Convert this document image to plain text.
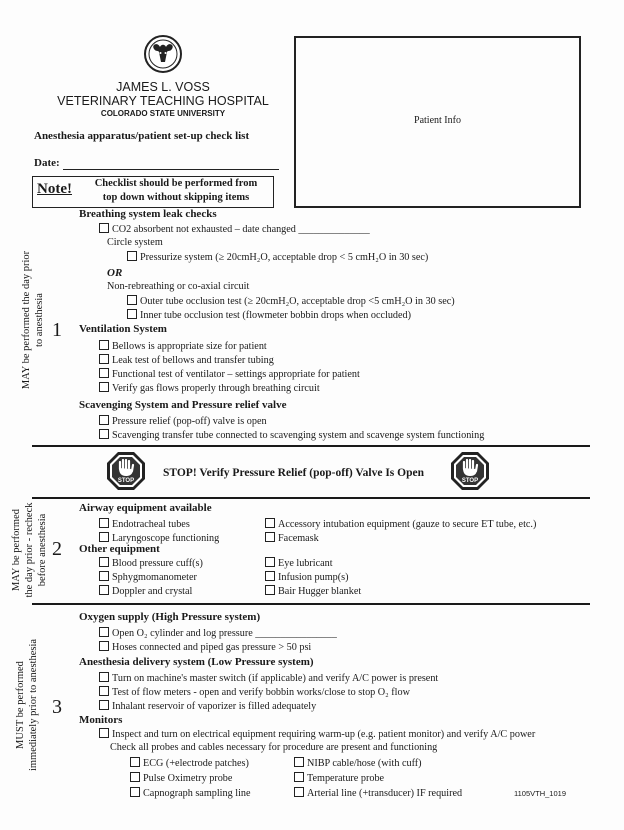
JAMES L. VOSS
VETERINARY TEACHING HOSPITAL
COLORADO STATE UNIVERSITY
Anesthesia apparatus/patient set-up check list
Date:
Note!	Checklist should be performed from
top down without skipping items
Patient Info
MAY be performed the day prior to anesthesia 1
Breathing system leak checks
CO2 absorbent not exhausted – date changed ______________
Circle system
Pressurize system (≥ 20cmH₂O, acceptable drop < 5 cmH₂O in 30 sec)
OR
Non-rebreathing or co-axial circuit
Outer tube occlusion test (≥ 20cmH₂O, acceptable drop <5 cmH₂O in 30 sec)
Inner tube occlusion test (flowmeter bobbin drops when occluded)
Ventilation System
Bellows is appropriate size for patient
Leak test of bellows and transfer tubing
Functional test of ventilator – settings appropriate for patient
Verify gas flows properly through breathing circuit
Scavenging System and Pressure relief valve
Pressure relief (pop-off) valve is open
Scavenging transfer tube connected to scavenging system and scavenge system functioning
STOP
STOP! Verify Pressure Relief (pop-off) Valve Is Open
STOP
MAY be performed the day prior - recheck before anesthesia 2
Airway equipment available
Endotracheal tubes
Laryngoscope functioning
Accessory intubation equipment (gauze to secure ET tube, etc.)
Facemask
Other equipment
Blood pressure cuff(s)
Sphygmomanometer
Doppler and crystal
Eye lubricant
Infusion pump(s)
Bair Hugger blanket
MUST be performed immediately prior to anesthesia 3
Oxygen supply (High Pressure system)
Open O₂ cylinder and log pressure ________________
Hoses connected and piped gas pressure > 50 psi
Anesthesia delivery system (Low Pressure system)
Turn on machine's master switch (if applicable) and verify A/C power is present
Test of flow meters - open and verify bobbin works/close to stop O₂ flow
Inhalant reservoir of vaporizer is filled adequately
Monitors
Inspect and turn on electrical equipment requiring warm-up (e.g. patient monitor) and verify A/C power
Check all probes and cables necessary for procedure are present and functioning
ECG (+electrode patches)
Pulse Oximetry probe
Capnograph sampling line
NIBP cable/hose (with cuff)
Temperature probe
Arterial line (+transducer) IF required	1105VTH_1019
